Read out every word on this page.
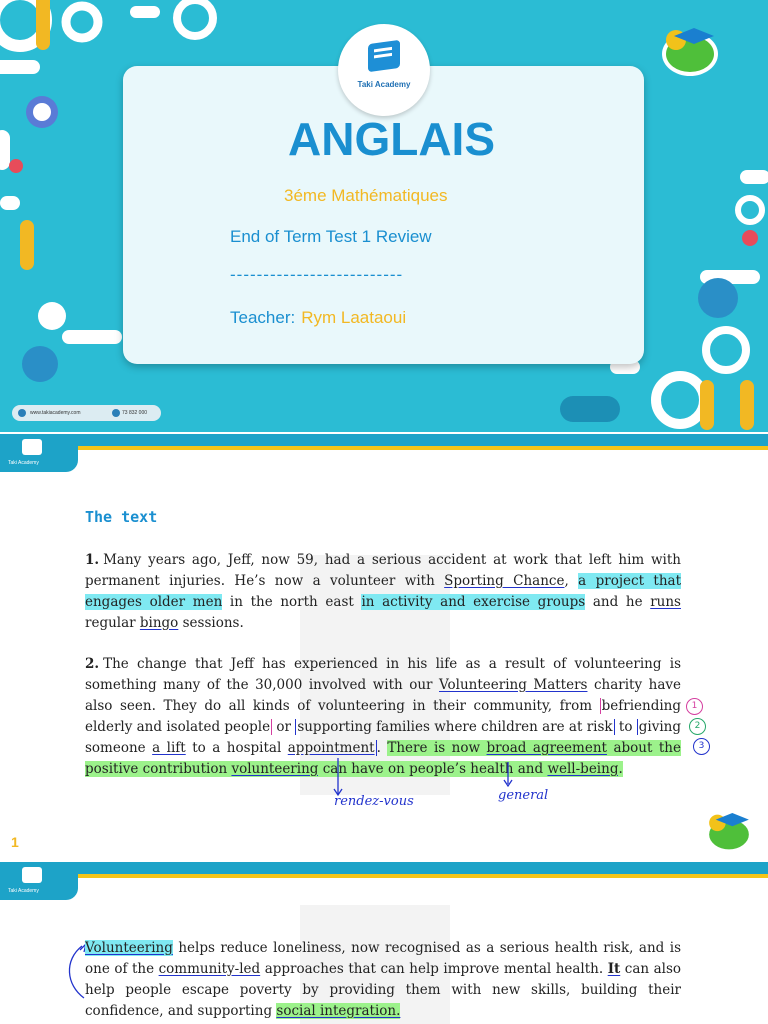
Taki Academy
ANGLAIS
3éme Mathématiques
End of Term Test 1 Review
--------------------------
Teacher: Rym Laataoui
www.takiacademy.com	73 832 000
Taki Academy
The text
1. Many years ago, Jeff, now 59, had a serious accident at work that left him with permanent injuries. He’s now a volunteer with Sporting Chance, a project that engages older men in the north east in activity and exercise groups and he runs regular bingo sessions.
2. The change that Jeff has experienced in his life as a result of volunteering is something many of the 30,000 involved with our Volunteering Matters charity have also seen. They do all kinds of volunteering in their community, from befriending elderly and isolated people or supporting families where children are at risk to giving someone a lift to a hospital appointment . There is now broad agreement about the positive contribution volunteering can have on people’s health and well-being.
1
2
3
rendez-vous	general
1
Taki Academy
Volunteering helps reduce loneliness, now recognised as a serious health risk, and is one of the community-led approaches that can help improve mental health. It can also help people escape poverty by providing them with new skills, building their confidence, and supporting social integration.
